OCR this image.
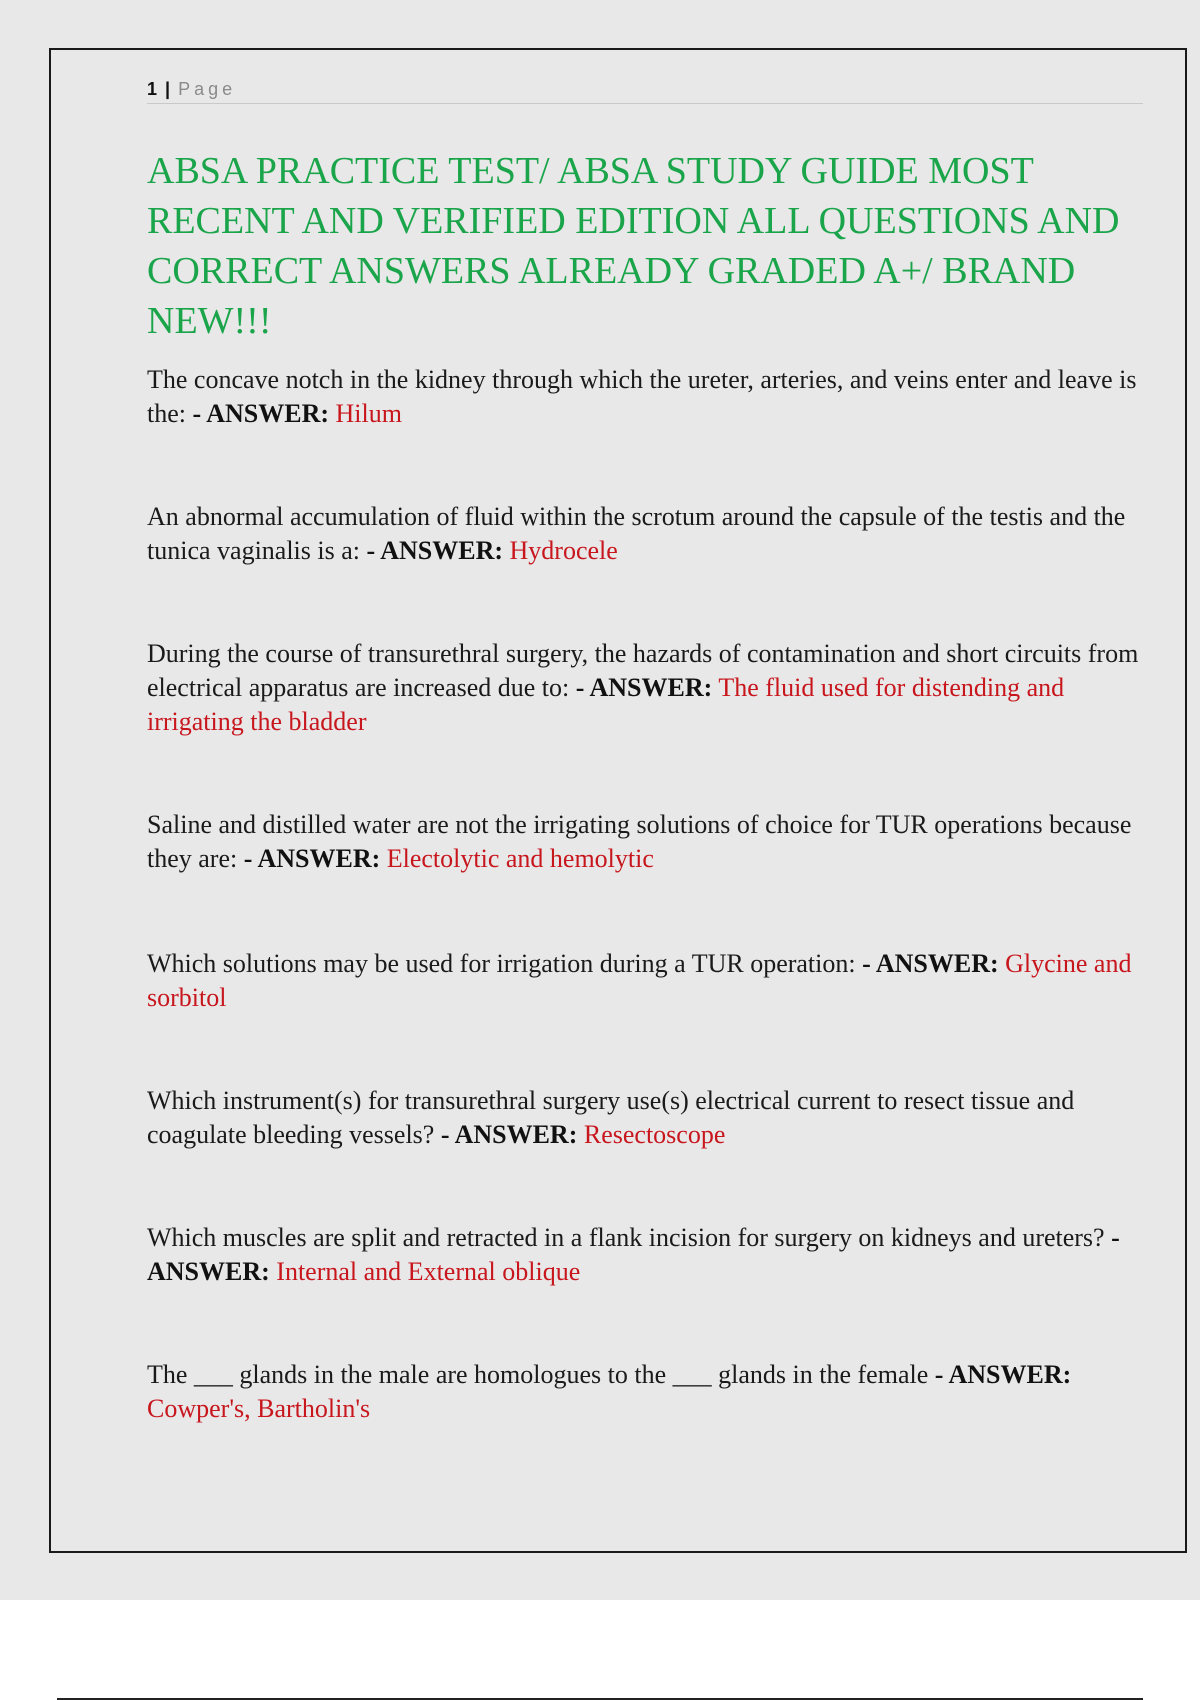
1 | Page
ABSA PRACTICE TEST/ ABSA STUDY GUIDE MOST RECENT AND VERIFIED EDITION ALL QUESTIONS AND CORRECT ANSWERS ALREADY GRADED A+/ BRAND NEW!!!
The concave notch in the kidney through which the ureter, arteries, and veins enter and leave is the: - ANSWER: Hilum
An abnormal accumulation of fluid within the scrotum around the capsule of the testis and the tunica vaginalis is a: - ANSWER: Hydrocele
During the course of transurethral surgery, the hazards of contamination and short circuits from electrical apparatus are increased due to: - ANSWER: The fluid used for distending and irrigating the bladder
Saline and distilled water are not the irrigating solutions of choice for TUR operations because they are: - ANSWER: Electolytic and hemolytic
Which solutions may be used for irrigation during a TUR operation: - ANSWER: Glycine and sorbitol
Which instrument(s) for transurethral surgery use(s) electrical current to resect tissue and coagulate bleeding vessels? - ANSWER: Resectoscope
Which muscles are split and retracted in a flank incision for surgery on kidneys and ureters? - ANSWER: Internal and External oblique
The ___ glands in the male are homologues to the ___ glands in the female - ANSWER: Cowper's, Bartholin's
